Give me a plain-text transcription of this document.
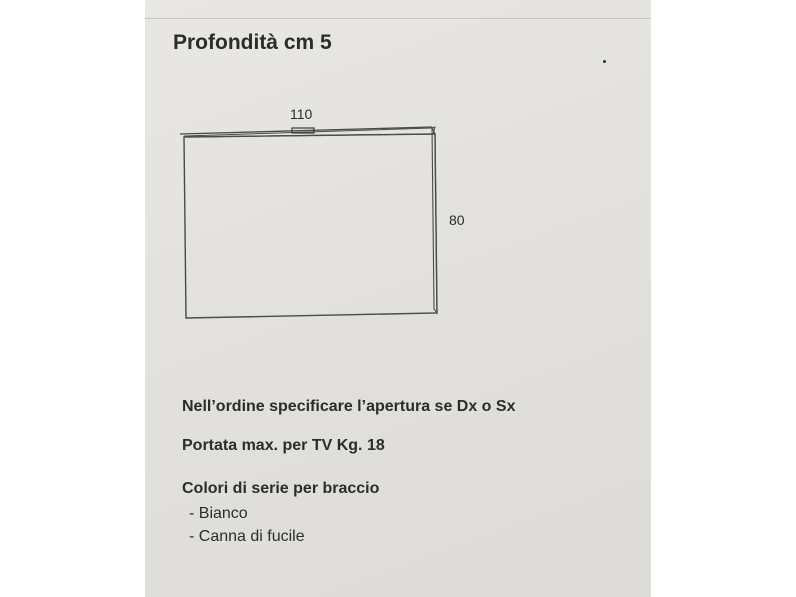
Profondità cm 5
110
80
Nell’ordine specificare l’apertura se Dx o Sx
Portata max. per TV Kg. 18
Colori di serie per braccio
- Bianco
- Canna di fucile
